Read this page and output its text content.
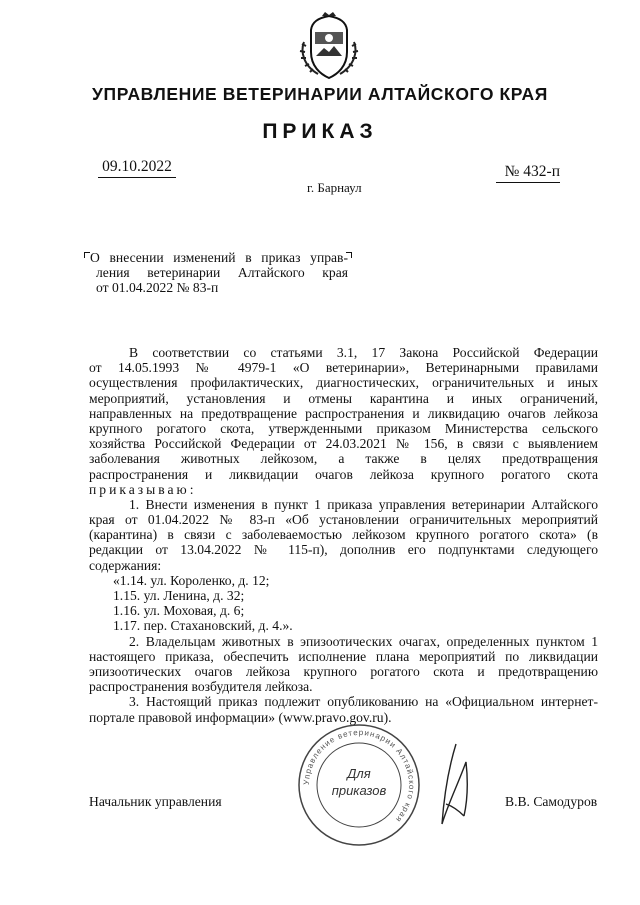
УПРАВЛЕНИЕ ВЕТЕРИНАРИИ АЛТАЙСКОГО КРАЯ
ПРИКАЗ
09.10.2022	№ 432-п
г. Барнаул
О внесении изменений в приказ управ-
ления ветеринарии Алтайского края
от 01.04.2022 № 83-п
В соответствии со статьями 3.1, 17 Закона Российской Федерации
от 14.05.1993 № 4979-1 «О ветеринарии», Ветеринарными правилами
осуществления профилактических, диагностических, ограничительных и иных
мероприятий, установления и отмены карантина и иных ограничений,
направленных на предотвращение распространения и ликвидацию очагов лейкоза
крупного рогатого скота, утвержденными приказом Министерства сельского
хозяйства Российской Федерации от 24.03.2021 № 156, в связи с выявлением
заболевания животных лейкозом, а также в целях предотвращения
распространения и ликвидации очагов лейкоза крупного рогатого скота
приказываю:
1. Внести изменения в пункт 1 приказа управления ветеринарии Алтайского
края от 01.04.2022 № 83-п «Об установлении ограничительных мероприятий
(карантина) в связи с заболеваемостью лейкозом крупного рогатого скота» (в
редакции от 13.04.2022 № 115-п), дополнив его подпунктами следующего
содержания:
«1.14. ул. Короленко, д. 12;
1.15. ул. Ленина, д. 32;
1.16. ул. Моховая, д. 6;
1.17. пер. Стахановский, д. 4.».
2. Владельцам животных в эпизоотических очагах, определенных пунктом 1
настоящего приказа, обеспечить исполнение плана мероприятий по ликвидации
эпизоотических очагов лейкоза крупного рогатого скота и предотвращению
распространения возбудителя лейкоза.
3. Настоящий приказ подлежит опубликованию на «Официальном интернет-
портале правовой информации» (www.pravo.gov.ru).
Управление ветеринарии Алтайского края
Для
приказов
Начальник управления	В.В. Самодуров
